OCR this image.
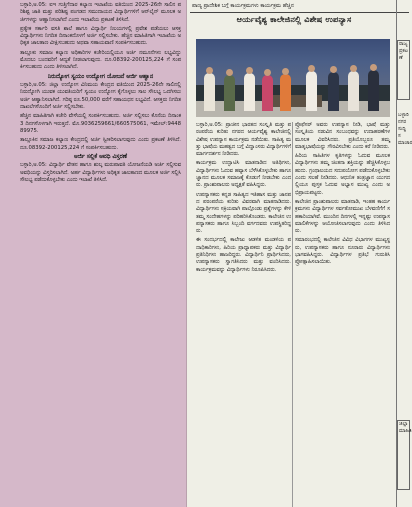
ಬಳ್ಳಾರಿ,ಅ.05: ಐಇ ಗುತ್ತಿಗೆದಾರ ಕಲ್ಯಾಣ ಇಲಾಖೆಯ ವತಿಯಿಂದ 2025-26ನೇ ಸಾಲಿನ ಪರಿಶಿಷ್ಟ ಜಾತಿ ಮತ್ತು ಪರಿಶಿಷ್ಟ ಪಂಗಡದ ಸಮುದಾಯದ ವಿದ್ಯಾರ್ಥಿಗಳಿಗೆ ಆನ್‌ಲೈನ್ ಮೂಲಕ ಅರ್ಜಿಗಳನ್ನು ಆಹ್ವಾನಿಸಲಾಗಿದೆ ಎಂದು ಇಲಾಖೆಯ ಪ್ರಕಟಣೆ ತಿಳಿಸಿದೆ.

ಪ್ರತ್ಯೇಕ ಸರ್ಕಾರಿ ವಸತಿ ಶಾಲೆ ಹಾಗೂ ವಿದ್ಯಾರ್ಥಿ ನಿಲಯಗಳಲ್ಲಿ ಪ್ರವೇಶ ಪಡೆಯಲು ಆಸಕ್ತ ವಿದ್ಯಾರ್ಥಿಗಳು ನಿಗದಿತ ದಿನಾಂಕದೊಳಗೆ ಅರ್ಜಿ ಸಲ್ಲಿಸಬೇಕು. ಹೆಚ್ಚಿನ ಮಾಹಿತಿಗಾಗಿ ಇಲಾಖೆಯ ಅಧಿಕೃತ ಜಾಲತಾಣ ವೀಕ್ಷಿಸಬಹುದು ಅಥವಾ ಸಹಾಯವಾಣಿ ಸಂಪರ್ಕಿಸಬಹುದು.

ತಾಲ್ಲೂಕು ಸಮಾಜ ಕಲ್ಯಾಣ ಅಧಿಕಾರಿಗಳ ಕಚೇರಿಯಲ್ಲಿಯೂ ಅರ್ಜಿ ನಮೂನೆಗಳು ಲಭ್ಯವಿದ್ದು ಮೊದಲು ಬಂದವರಿಗೆ ಆದ್ಯತೆ ನೀಡಲಾಗುವುದು. ದೂ.08392-200125,224 ಗೆ ಸಂಪರ್ಕಿಸಬಹುದು ಎಂದು ತಿಳಿಸಲಾಗಿದೆ.

ನಿರುದ್ಯೋಗ ಸ್ವಯಂ ಉದ್ಯೋಗ ಯೋಜನೆ ಅರ್ಜಿ ಆಹ್ವಾನ

ಬಳ್ಳಾರಿ,ಅ.05: ಜಿಲ್ಲಾ ಉದ್ಯೋಗ ವಿನಿಮಯ ಕೇಂದ್ರದ ವತಿಯಿಂದ 2025-26ನೇ ಸಾಲಿನಲ್ಲಿ ನಿರುದ್ಯೋಗಿ ಯುವಕ ಯುವತಿಯರಿಗೆ ಸ್ವಯಂ ಉದ್ಯೋಗ ಕೈಗೊಳ್ಳಲು ಸಾಲ ಸೌಲಭ್ಯ ಒದಗಿಸಲು ಅರ್ಜಿ ಆಹ್ವಾನಿಸಲಾಗಿದೆ. ಗರಿಷ್ಠ ರೂ.50,000 ವರೆಗೆ ಸಹಾಯಧನ ಲಭ್ಯವಿದೆ. ಆಸಕ್ತರು ನಿಗದಿತ ದಾಖಲೆಗಳೊಂದಿಗೆ ಅರ್ಜಿ ಸಲ್ಲಿಸಬೇಕು.

ಹೆಚ್ಚಿನ ಮಾಹಿತಿಗಾಗಿ ಕಚೇರಿ ವೇಳೆಯಲ್ಲಿ ಸಂಪರ್ಕಿಸಬಹುದು. ಅರ್ಜಿ ಸಲ್ಲಿಸಲು ಕೊನೆಯ ದಿನಾಂಕ 3 ದಿನಗಳೊಳಗಾಗಿ ಇರುತ್ತದೆ. ಮೊ.9036259661/660575061, ಇಮೇಲ್:944889975.

ತಾಲ್ಲೂಕಿನ ಸಮಾಜ ಕಲ್ಯಾಣ ಕೇಂದ್ರದಲ್ಲಿ ಅರ್ಜಿ ಸ್ವೀಕರಿಸಲಾಗುವುದು ಎಂದು ಪ್ರಕಟಣೆ ತಿಳಿಸಿದೆ. ದೂ.08392-200125,224 ಗೆ ಸಂಪರ್ಕಿಸಬಹುದು.

ಅರ್ಜಿ ಸಲ್ಲಿಕೆ ಅವಧಿ ವಿಸ್ತರಣೆ

ಬಳ್ಳಾರಿ,ಅ.05: ವಿದ್ಯಾರ್ಥಿ ವೇತನ ಹಾಗೂ ಶುಲ್ಕ ಮರುಪಾವತಿ ಯೋಜನೆಯಡಿ ಅರ್ಜಿ ಸಲ್ಲಿಸುವ ಅವಧಿಯನ್ನು ವಿಸ್ತರಿಸಲಾಗಿದೆ. ಅರ್ಹ ವಿದ್ಯಾರ್ಥಿಗಳು ಅಧಿಕೃತ ಜಾಲತಾಣದ ಮೂಲಕ ಅರ್ಜಿ ಸಲ್ಲಿಸಿ ಸೌಲಭ್ಯ ಪಡೆದುಕೊಳ್ಳಬೇಕು ಎಂದು ಇಲಾಖೆ ತಿಳಿಸಿದೆ.

ಪಾಣ್ಯ ಪ್ರಾದೇಶಿಕ ಬಗ್ಗೆ ಕಾರ್ಯಕ್ರಮಗಳು ಕಾರ್ಯಕ್ರಮ ಹೆಚ್ಚಿನ
ಆರ್ಯವೈಶ್ಯ ಕಾಲೇಜಿನಲ್ಲಿ ವಿಶೇಷ ಉಪನ್ಯಾಸ

ಬಳ್ಳಾರಿ,ಅ.05: ಪ್ರಾಚೀನ ಭಾರತದ ಸಂಸ್ಕೃತಿ ಮತ್ತು ಪರಂಪರೆಯ ಕುರಿತು ನಗರದ ಆರ್ಯವೈಶ್ಯ ಕಾಲೇಜಿನಲ್ಲಿ ವಿಶೇಷ ಉಪನ್ಯಾಸ ಕಾರ್ಯಕ್ರಮ ನಡೆಯಿತು. ಸಾಹಿತ್ಯ ಮತ್ತು ಭಾಷೆಯ ಮಹತ್ವದ ಬಗ್ಗೆ ವಿದ್ವಾಂಸರು ವಿದ್ಯಾರ್ಥಿಗಳಿಗೆ ಮಾರ್ಗದರ್ಶನ ನೀಡಿದರು.

ಕಾರ್ಯಕ್ರಮ ಉದ್ಘಾಟಿಸಿ ಮಾತನಾಡಿದ ಅತಿಥಿಗಳು, ವಿದ್ಯಾರ್ಥಿಗಳು ಓದುವ ಹವ್ಯಾಸ ಬೆಳೆಸಿಕೊಳ್ಳಬೇಕು ಹಾಗೂ ಜ್ಞಾನದ ಮೂಲಕ ಸಮಾಜಕ್ಕೆ ಕೊಡುಗೆ ನೀಡಬೇಕು ಎಂದರು. ಪ್ರಾಂಶುಪಾಲರು ಅಧ್ಯಕ್ಷತೆ ವಹಿಸಿದ್ದರು.

ಉಪನ್ಯಾಸಕರು ಕನ್ನಡ ಸಾಹಿತ್ಯದ ಇತಿಹಾಸ ಮತ್ತು ಜಾನಪದ ಪರಂಪರೆಯ ಕುರಿತು ವಿವರವಾಗಿ ಮಾತನಾಡಿದರು. ವಿದ್ಯಾರ್ಥಿಗಳು ಸಕ್ರಿಯವಾಗಿ ಪಾಲ್ಗೊಂಡು ಪ್ರಶ್ನೆಗಳನ್ನು ಕೇಳಿ ತಮ್ಮ ಸಂದೇಹಗಳನ್ನು ಪರಿಹರಿಸಿಕೊಂಡರು. ಕಾಲೇಜಿನ ಉಪನ್ಯಾಸಕರು ಹಾಗೂ ಸಿಬ್ಬಂದಿ ವರ್ಗದವರು ಉಪಸ್ಥಿತರಿದ್ದರು.

ಈ ಸಂದರ್ಭದಲ್ಲಿ ಕಾಲೇಜು ಆಡಳಿತ ಮಂಡಳಿಯ ಪದಾಧಿಕಾರಿಗಳು, ಹಿರಿಯ ಪ್ರಾಧ್ಯಾಪಕರು ಮತ್ತು ವಿದ್ಯಾರ್ಥಿ ಪ್ರತಿನಿಧಿಗಳು ಹಾಜರಿದ್ದರು. ವಿದ್ಯಾರ್ಥಿನಿ ಪ್ರಾರ್ಥಿಸಿದರು, ಉಪನ್ಯಾಸಕರು ಸ್ವಾಗತಿಸಿದರು ಮತ್ತು ವಂದಿಸಿದರು. ಕಾರ್ಯಕ್ರಮವನ್ನು ವಿದ್ಯಾರ್ಥಿಗಳು ನಿರೂಪಿಸಿದರು.

ಪ್ರೊಫೆಸರ್ ಅವರು ಉಪನ್ಯಾಸ ನೀಡಿ, ಭಾಷೆ ಮತ್ತು ಸಂಸ್ಕೃತಿಯ ನಡುವಿನ ಸಂಬಂಧವನ್ನು ಉದಾಹರಣೆಗಳ ಮೂಲಕ ವಿವರಿಸಿದರು. ಪ್ರತಿಯೊಬ್ಬರೂ ತಮ್ಮ ಮಾತೃಭಾಷೆಯನ್ನು ಗೌರವಿಸಬೇಕು ಎಂದು ಕರೆ ನೀಡಿದರು.

ಹಿರಿಯ ಸಾಹಿತಿಗಳ ಕೃತಿಗಳನ್ನು ಓದುವ ಮೂಲಕ ವಿದ್ಯಾರ್ಥಿಗಳು ತಮ್ಮ ಚಿಂತನಾ ಶಕ್ತಿಯನ್ನು ಹೆಚ್ಚಿಸಿಕೊಳ್ಳಬಹುದು. ಗ್ರಂಥಾಲಯದ ಸದುಪಯೋಗ ಪಡೆದುಕೊಳ್ಳಬೇಕು ಎಂದು ಸಲಹೆ ನೀಡಿದರು. ಆಧುನಿಕ ತಂತ್ರಜ್ಞಾನ ಯುಗದಲ್ಲಿಯೂ ಪುಸ್ತಕ ಓದುವ ಅಭ್ಯಾಸ ಮುಖ್ಯ ಎಂದು ಅಭಿಪ್ರಾಯಪಟ್ಟರು.

ಕಾಲೇಜಿನ ಪ್ರಾಂಶುಪಾಲರು ಮಾತನಾಡಿ, ಇಂತಹ ಕಾರ್ಯಕ್ರಮಗಳು ವಿದ್ಯಾರ್ಥಿಗಳ ಸರ್ವತೋಮುಖ ಬೆಳವಣಿಗೆಗೆ ಸಹಕಾರಿಯಾಗಿವೆ. ಮುಂದಿನ ದಿನಗಳಲ್ಲಿ ಇನ್ನಷ್ಟು ಉಪನ್ಯಾಸ ಮಾಲಿಕೆಗಳನ್ನು ಆಯೋಜಿಸಲಾಗುವುದು ಎಂದು ತಿಳಿಸಿದರು.

ಸಮಾರಂಭದಲ್ಲಿ ಕಾಲೇಜಿನ ವಿವಿಧ ವಿಭಾಗಗಳ ಮುಖ್ಯಸ್ಥರು, ಉಪನ್ಯಾಸಕರು ಹಾಗೂ ನೂರಾರು ವಿದ್ಯಾರ್ಥಿಗಳು ಭಾಗವಹಿಸಿದ್ದರು. ವಿದ್ಯಾರ್ಥಿಗಳ ಪ್ರತಿಭೆ ಗುರುತಿಸಿ ಪ್ರೋತ್ಸಾಹಿಸಲಾಯಿತು.

ರಾಜ್ಯ ಪ್ರಕಟಣೆ
ಬಳ್ಳಾರಿ ನಗರ ಸುದ್ದಿ ಸಮಾಚಾರ
ಜಿಲ್ಲಾ ಮಾಹಿತಿ
